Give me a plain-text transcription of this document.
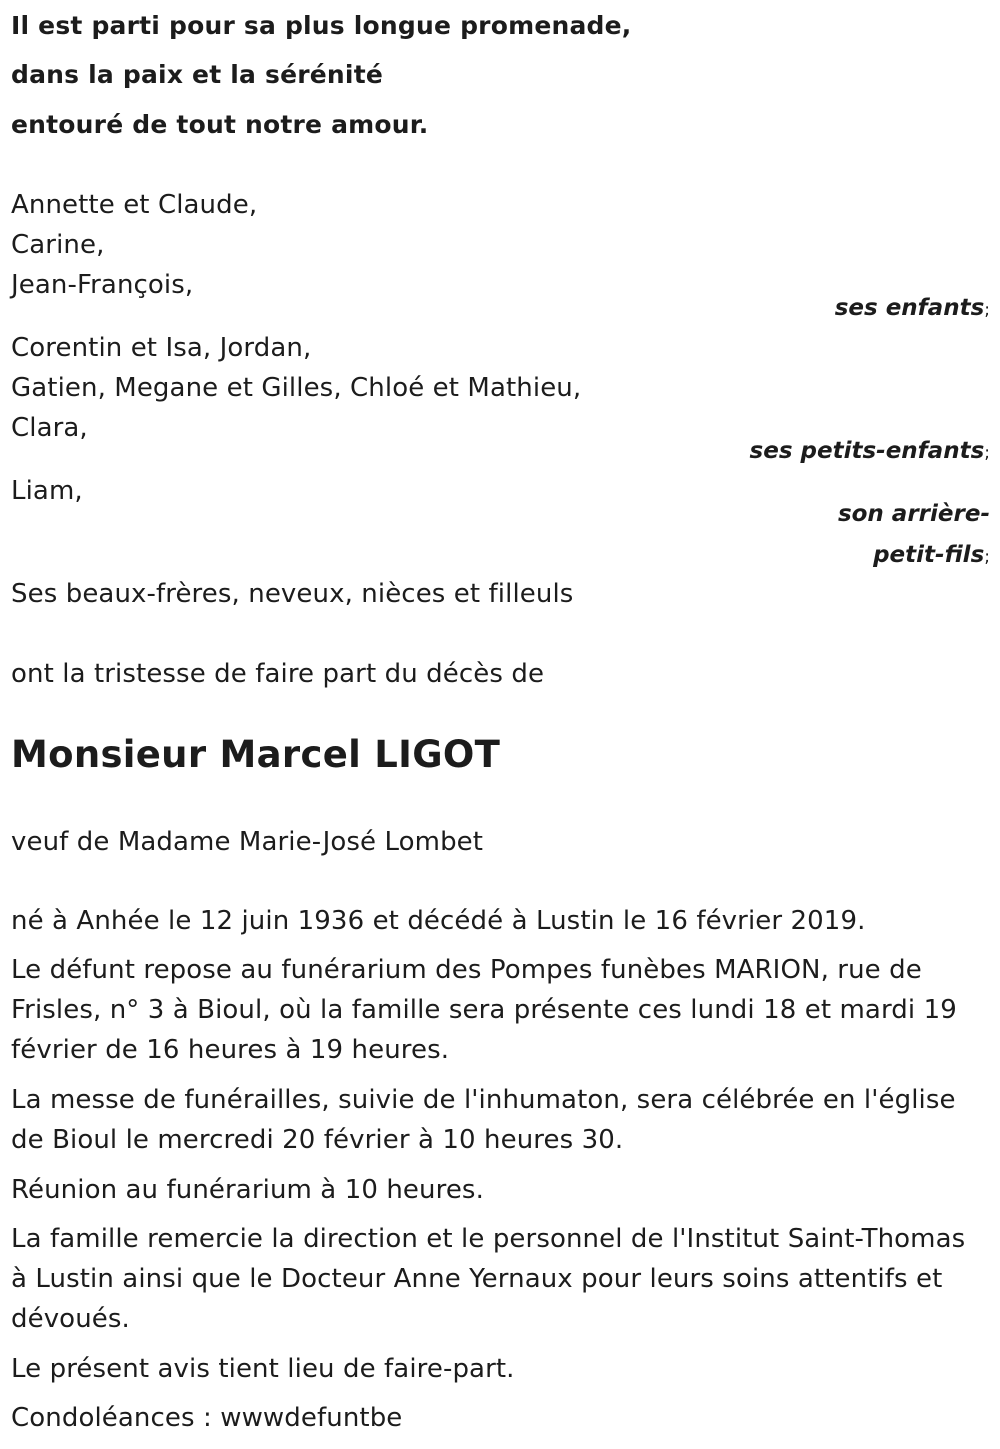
Il est parti pour sa plus longue promenade,
dans la paix et la sérénité
entouré de tout notre amour.
Annette et Claude,
Carine,
Jean-François,
ses enfants;
Corentin et Isa, Jordan,
Gatien, Megane et Gilles, Chloé et Mathieu,
Clara,
ses petits-enfants;
Liam,
son arrière-
petit-fils;
Ses beaux-frères, neveux, nièces et filleuls
ont la tristesse de faire part du décès de
Monsieur Marcel LIGOT
veuf de Madame Marie-José Lombet
né à Anhée le 12 juin 1936 et décédé à Lustin le 16 février 2019.
Le défunt repose au funérarium des Pompes funèbes MARION, rue de
Frisles, n° 3 à Bioul, où la famille sera présente ces lundi 18 et mardi 19
février de 16 heures à 19 heures.
La messe de funérailles, suivie de l'inhumaton, sera célébrée en l'église
de Bioul le mercredi 20 février à 10 heures 30.
Réunion au funérarium à 10 heures.
La famille remercie la direction et le personnel de l'Institut Saint-Thomas
à Lustin ainsi que le Docteur Anne Yernaux pour leurs soins attentifs et
dévoués.
Le présent avis tient lieu de faire-part.
Condoléances : wwwdefuntbe
